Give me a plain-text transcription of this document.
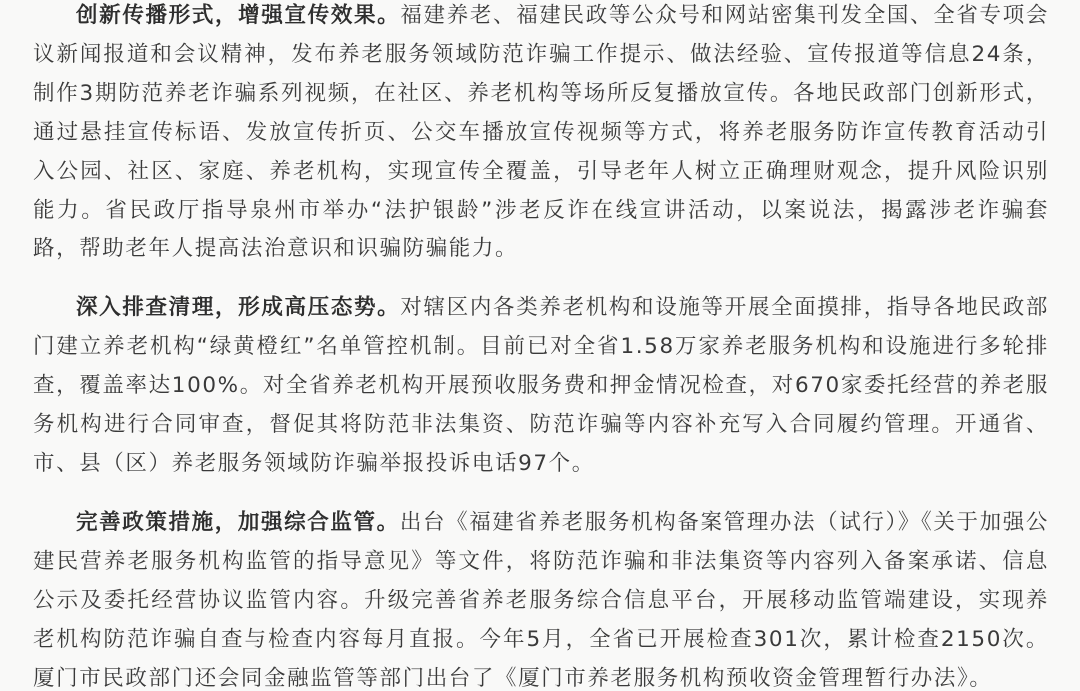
创新传播形式，增强宣传效果。福建养老、福建民政等公众号和网站密集刊发全国、全省专项会议新闻报道和会议精神，发布养老服务领域防范诈骗工作提示、做法经验、宣传报道等信息24条，制作3期防范养老诈骗系列视频，在社区、养老机构等场所反复播放宣传。各地民政部门创新形式，通过悬挂宣传标语、发放宣传折页、公交车播放宣传视频等方式，将养老服务防诈宣传教育活动引入公园、社区、家庭、养老机构，实现宣传全覆盖，引导老年人树立正确理财观念，提升风险识别能力。省民政厅指导泉州市举办“法护银龄”涉老反诈在线宣讲活动，以案说法，揭露涉老诈骗套路，帮助老年人提高法治意识和识骗防骗能力。

深入排查清理，形成高压态势。对辖区内各类养老机构和设施等开展全面摸排，指导各地民政部门建立养老机构“绿黄橙红”名单管控机制。目前已对全省1.58万家养老服务机构和设施进行多轮排查，覆盖率达100%。对全省养老机构开展预收服务费和押金情况检查，对670家委托经营的养老服务机构进行合同审查，督促其将防范非法集资、防范诈骗等内容补充写入合同履约管理。开通省、市、县（区）养老服务领域防诈骗举报投诉电话97个。

完善政策措施，加强综合监管。出台《福建省养老服务机构备案管理办法（试行）》《关于加强公建民营养老服务机构监管的指导意见》等文件，将防范诈骗和非法集资等内容列入备案承诺、信息公示及委托经营协议监管内容。升级完善省养老服务综合信息平台，开展移动监管端建设，实现养老机构防范诈骗自查与检查内容每月直报。今年5月，全省已开展检查301次，累计检查2150次。厦门市民政部门还会同金融监管等部门出台了《厦门市养老服务机构预收资金管理暂行办法》。
